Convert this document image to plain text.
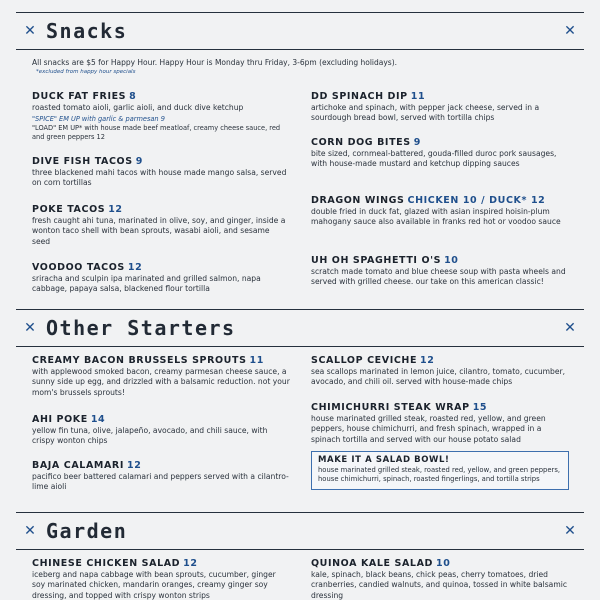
✕ Snacks	✕
All snacks are $5 for Happy Hour. Happy Hour is Monday thru Friday, 3-6pm (excluding holidays).
*excluded from happy hour specials
DUCK FAT FRIES 8
roasted tomato aioli, garlic aioli, and duck dive ketchup
"SPICE" EM UP with garlic & parmesan 9
"LOAD" EM UP* with house made beef meatloaf, creamy cheese sauce, red and green peppers 12
DIVE FISH TACOS 9
three blackened mahi tacos with house made mango salsa, served on corn tortillas
POKE TACOS 12
fresh caught ahi tuna, marinated in olive, soy, and ginger, inside a wonton taco shell with bean sprouts, wasabi aioli, and sesame seed
VOODOO TACOS 12
sriracha and sculpin ipa marinated and grilled salmon, napa cabbage, papaya salsa, blackened flour tortilla
DD SPINACH DIP 11
artichoke and spinach, with pepper jack cheese, served in a sourdough bread bowl, served with tortilla chips
CORN DOG BITES 9
bite sized, cornmeal-battered, gouda-filled duroc pork sausages, with house-made mustard and ketchup dipping sauces
DRAGON WINGS CHICKEN 10 / DUCK* 12
double fried in duck fat, glazed with asian inspired hoisin-plum mahogany sauce also available in franks red hot or voodoo sauce
UH OH SPAGHETTI O'S 10
scratch made tomato and blue cheese soup with pasta wheels and served with grilled cheese. our take on this american classic!
✕ Other Starters	✕
CREAMY BACON BRUSSELS SPROUTS 11
with applewood smoked bacon, creamy parmesan cheese sauce, a sunny side up egg, and drizzled with a balsamic reduction. not your mom's brussels sprouts!
AHI POKE 14
yellow fin tuna, olive, jalapeño, avocado, and chili sauce, with crispy wonton chips
BAJA CALAMARI 12
pacifico beer battered calamari and peppers served with a cilantro-lime aioli
SCALLOP CEVICHE 12
sea scallops marinated in lemon juice, cilantro, tomato, cucumber, avocado, and chili oil. served with house-made chips
CHIMICHURRI STEAK WRAP 15
house marinated grilled steak, roasted red, yellow, and green peppers, house chimichurri, and fresh spinach, wrapped in a spinach tortilla and served with our house potato salad
MAKE IT A SALAD BOWL!
house marinated grilled steak, roasted red, yellow, and green peppers, house chimichurri, spinach, roasted fingerlings, and tortilla strips
✕ Garden	✕
CHINESE CHICKEN SALAD 12
iceberg and napa cabbage with bean sprouts, cucumber, ginger soy marinated chicken, mandarin oranges, creamy ginger soy dressing, and topped with crispy wonton strips
QUINOA KALE SALAD 10
kale, spinach, black beans, chick peas, cherry tomatoes, dried cranberries, candied walnuts, and quinoa, tossed in white balsamic dressing
